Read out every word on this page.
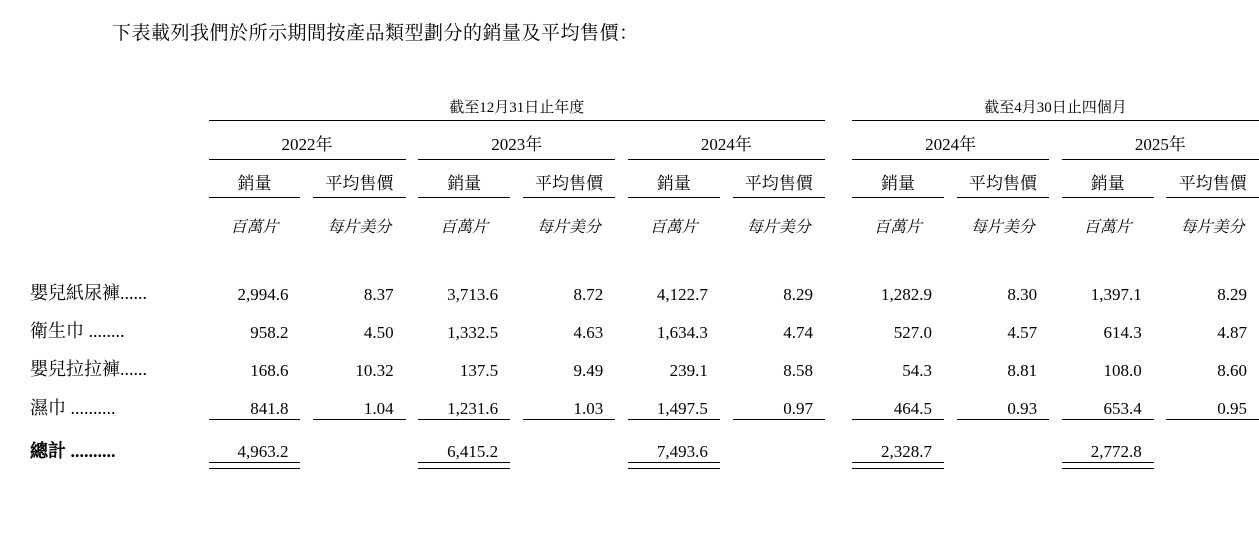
下表載列我們於所示期間按產品類型劃分的銷量及平均售價：
	截至12月31日止年度												截至4月30日止四個月						

	2022年				2023年				2024年				2024年				2025年		

	銷量		平均售價		銷量		平均售價		銷量		平均售價		銷量		平均售價		銷量		平均售價

	百萬片		每片美分		百萬片		每片美分		百萬片		每片美分		百萬片		每片美分		百萬片		每片美分

嬰兒紙尿褲......	2,994.6		8.37		3,713.6		8.72		4,122.7		8.29		1,282.9		8.30		1,397.1		8.29
衛生巾 ........	958.2		4.50		1,332.5		4.63		1,634.3		4.74		527.0		4.57		614.3		4.87
嬰兒拉拉褲......	168.6		10.32		137.5		9.49		239.1		8.58		54.3		8.81		108.0		8.60
濕巾 ..........	841.8		1.04		1,231.6		1.03		1,497.5		0.97		464.5		0.93		653.4		0.95
總計 ..........	4,963.2				6,415.2				7,493.6				2,328.7				2,772.8		
